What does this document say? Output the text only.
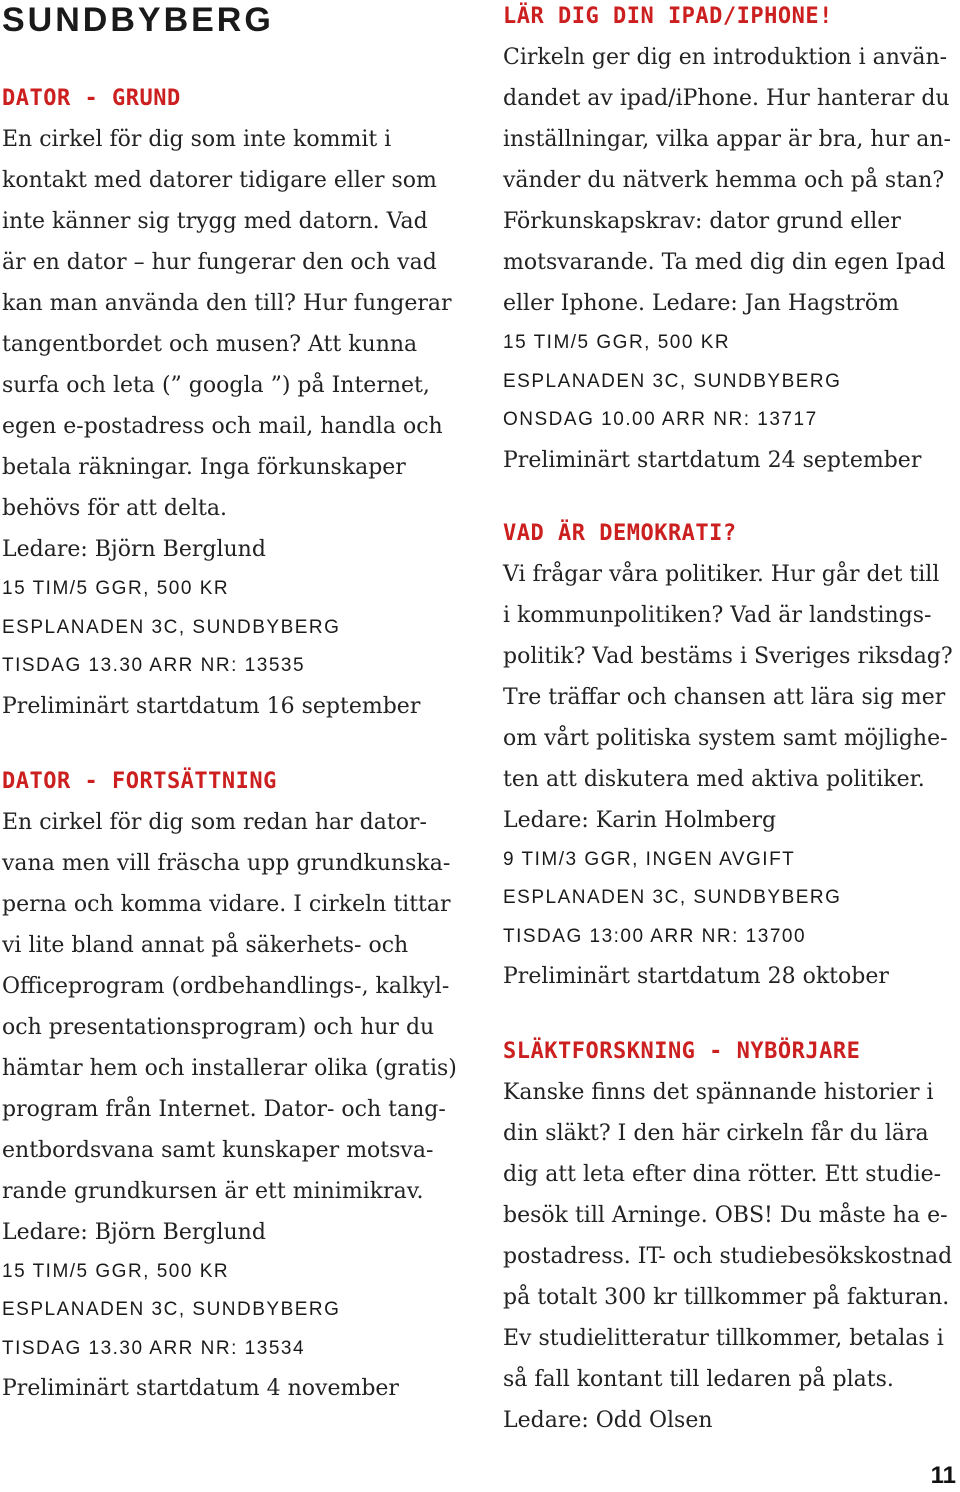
SUNDBYBERG
DATOR - GRUND

En cirkel för dig som inte kommit i

kontakt med datorer tidigare eller som

inte känner sig trygg med datorn. Vad

är en dator – hur fungerar den och vad

kan man använda den till? Hur fungerar

tangentbordet och musen? Att kunna

surfa och leta (” googla ”) på Internet,

egen e-postadress och mail, handla och

betala räkningar. Inga förkunskaper

behövs för att delta.

Ledare: Björn Berglund

15 TIM/5 GGR, 500 KR

ESPLANADEN 3C, SUNDBYBERG

TISDAG 13.30 ARR NR: 13535

Preliminärt startdatum 16 september

DATOR - FORTSÄTTNING

En cirkel för dig som redan har dator-

vana men vill fräscha upp grundkunska-

perna och komma vidare. I cirkeln tittar

vi lite bland annat på säkerhets- och

Officeprogram (ordbehandlings-, kalkyl-

och presentationsprogram) och hur du

hämtar hem och installerar olika (gratis)

program från Internet. Dator- och tang-

entbordsvana samt kunskaper motsva-

rande grundkursen är ett minimikrav.

Ledare: Björn Berglund

15 TIM/5 GGR, 500 KR

ESPLANADEN 3C, SUNDBYBERG

TISDAG 13.30 ARR NR: 13534

Preliminärt startdatum 4 november

LÄR DIG DIN IPAD/IPHONE!

Cirkeln ger dig en introduktion i använ-

dandet av ipad/iPhone. Hur hanterar du

inställningar, vilka appar är bra, hur an-

vänder du nätverk hemma och på stan?

Förkunskapskrav: dator grund eller

motsvarande. Ta med dig din egen Ipad

eller Iphone. Ledare: Jan Hagström

15 TIM/5 GGR, 500 KR

ESPLANADEN 3C, SUNDBYBERG

ONSDAG 10.00 ARR NR: 13717

Preliminärt startdatum 24 september

VAD ÄR DEMOKRATI?

Vi frågar våra politiker. Hur går det till

i kommunpolitiken? Vad är landstings-

politik? Vad bestäms i Sveriges riksdag?

Tre träffar och chansen att lära sig mer

om vårt politiska system samt möjlighe-

ten att diskutera med aktiva politiker.

Ledare: Karin Holmberg

9 TIM/3 GGR, INGEN AVGIFT

ESPLANADEN 3C, SUNDBYBERG

TISDAG 13:00 ARR NR: 13700

Preliminärt startdatum 28 oktober

SLÄKTFORSKNING - NYBÖRJARE

Kanske finns det spännande historier i

din släkt? I den här cirkeln får du lära

dig att leta efter dina rötter. Ett studie-

besök till Arninge. OBS! Du måste ha e-

postadress. IT- och studiebesökskostnad

på totalt 300 kr tillkommer på fakturan.

Ev studielitteratur tillkommer, betalas i

så fall kontant till ledaren på plats.

Ledare: Odd Olsen

11
